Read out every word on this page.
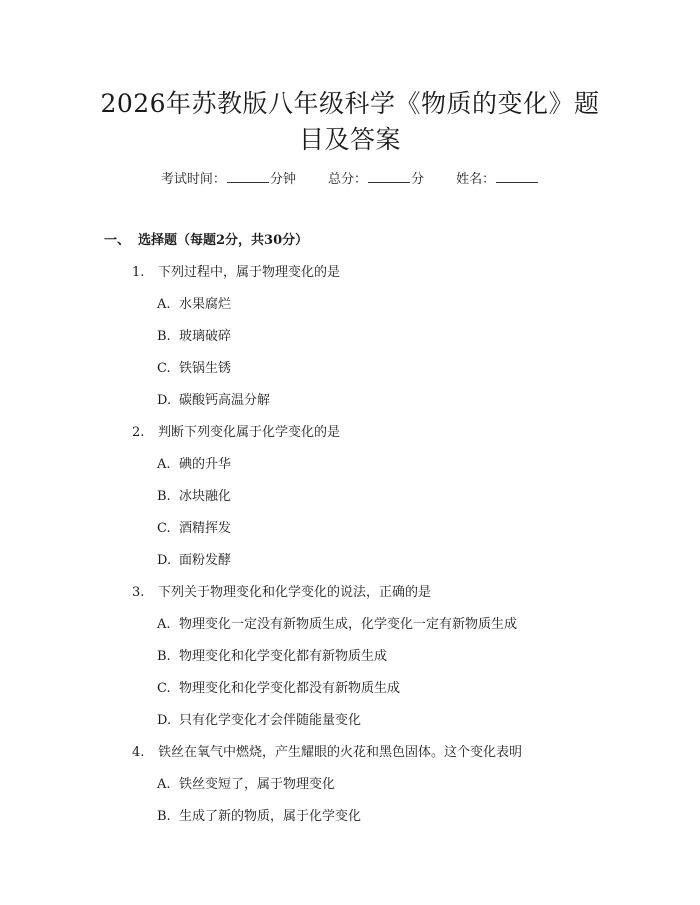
2026年苏教版八年级科学《物质的变化》题
目及答案
考试时间：	分钟 总分：	分 姓名：
一、 选择题（每题2分，共30分）
1. 下列过程中，属于物理变化的是
A. 水果腐烂
B. 玻璃破碎
C. 铁锅生锈
D. 碳酸钙高温分解
2. 判断下列变化属于化学变化的是
A. 碘的升华
B. 冰块融化
C. 酒精挥发
D. 面粉发酵
3. 下列关于物理变化和化学变化的说法，正确的是
A. 物理变化一定没有新物质生成，化学变化一定有新物质生成
B. 物理变化和化学变化都有新物质生成
C. 物理变化和化学变化都没有新物质生成
D. 只有化学变化才会伴随能量变化
4. 铁丝在氧气中燃烧，产生耀眼的火花和黑色固体。这个变化表明
A. 铁丝变短了，属于物理变化
B. 生成了新的物质，属于化学变化
